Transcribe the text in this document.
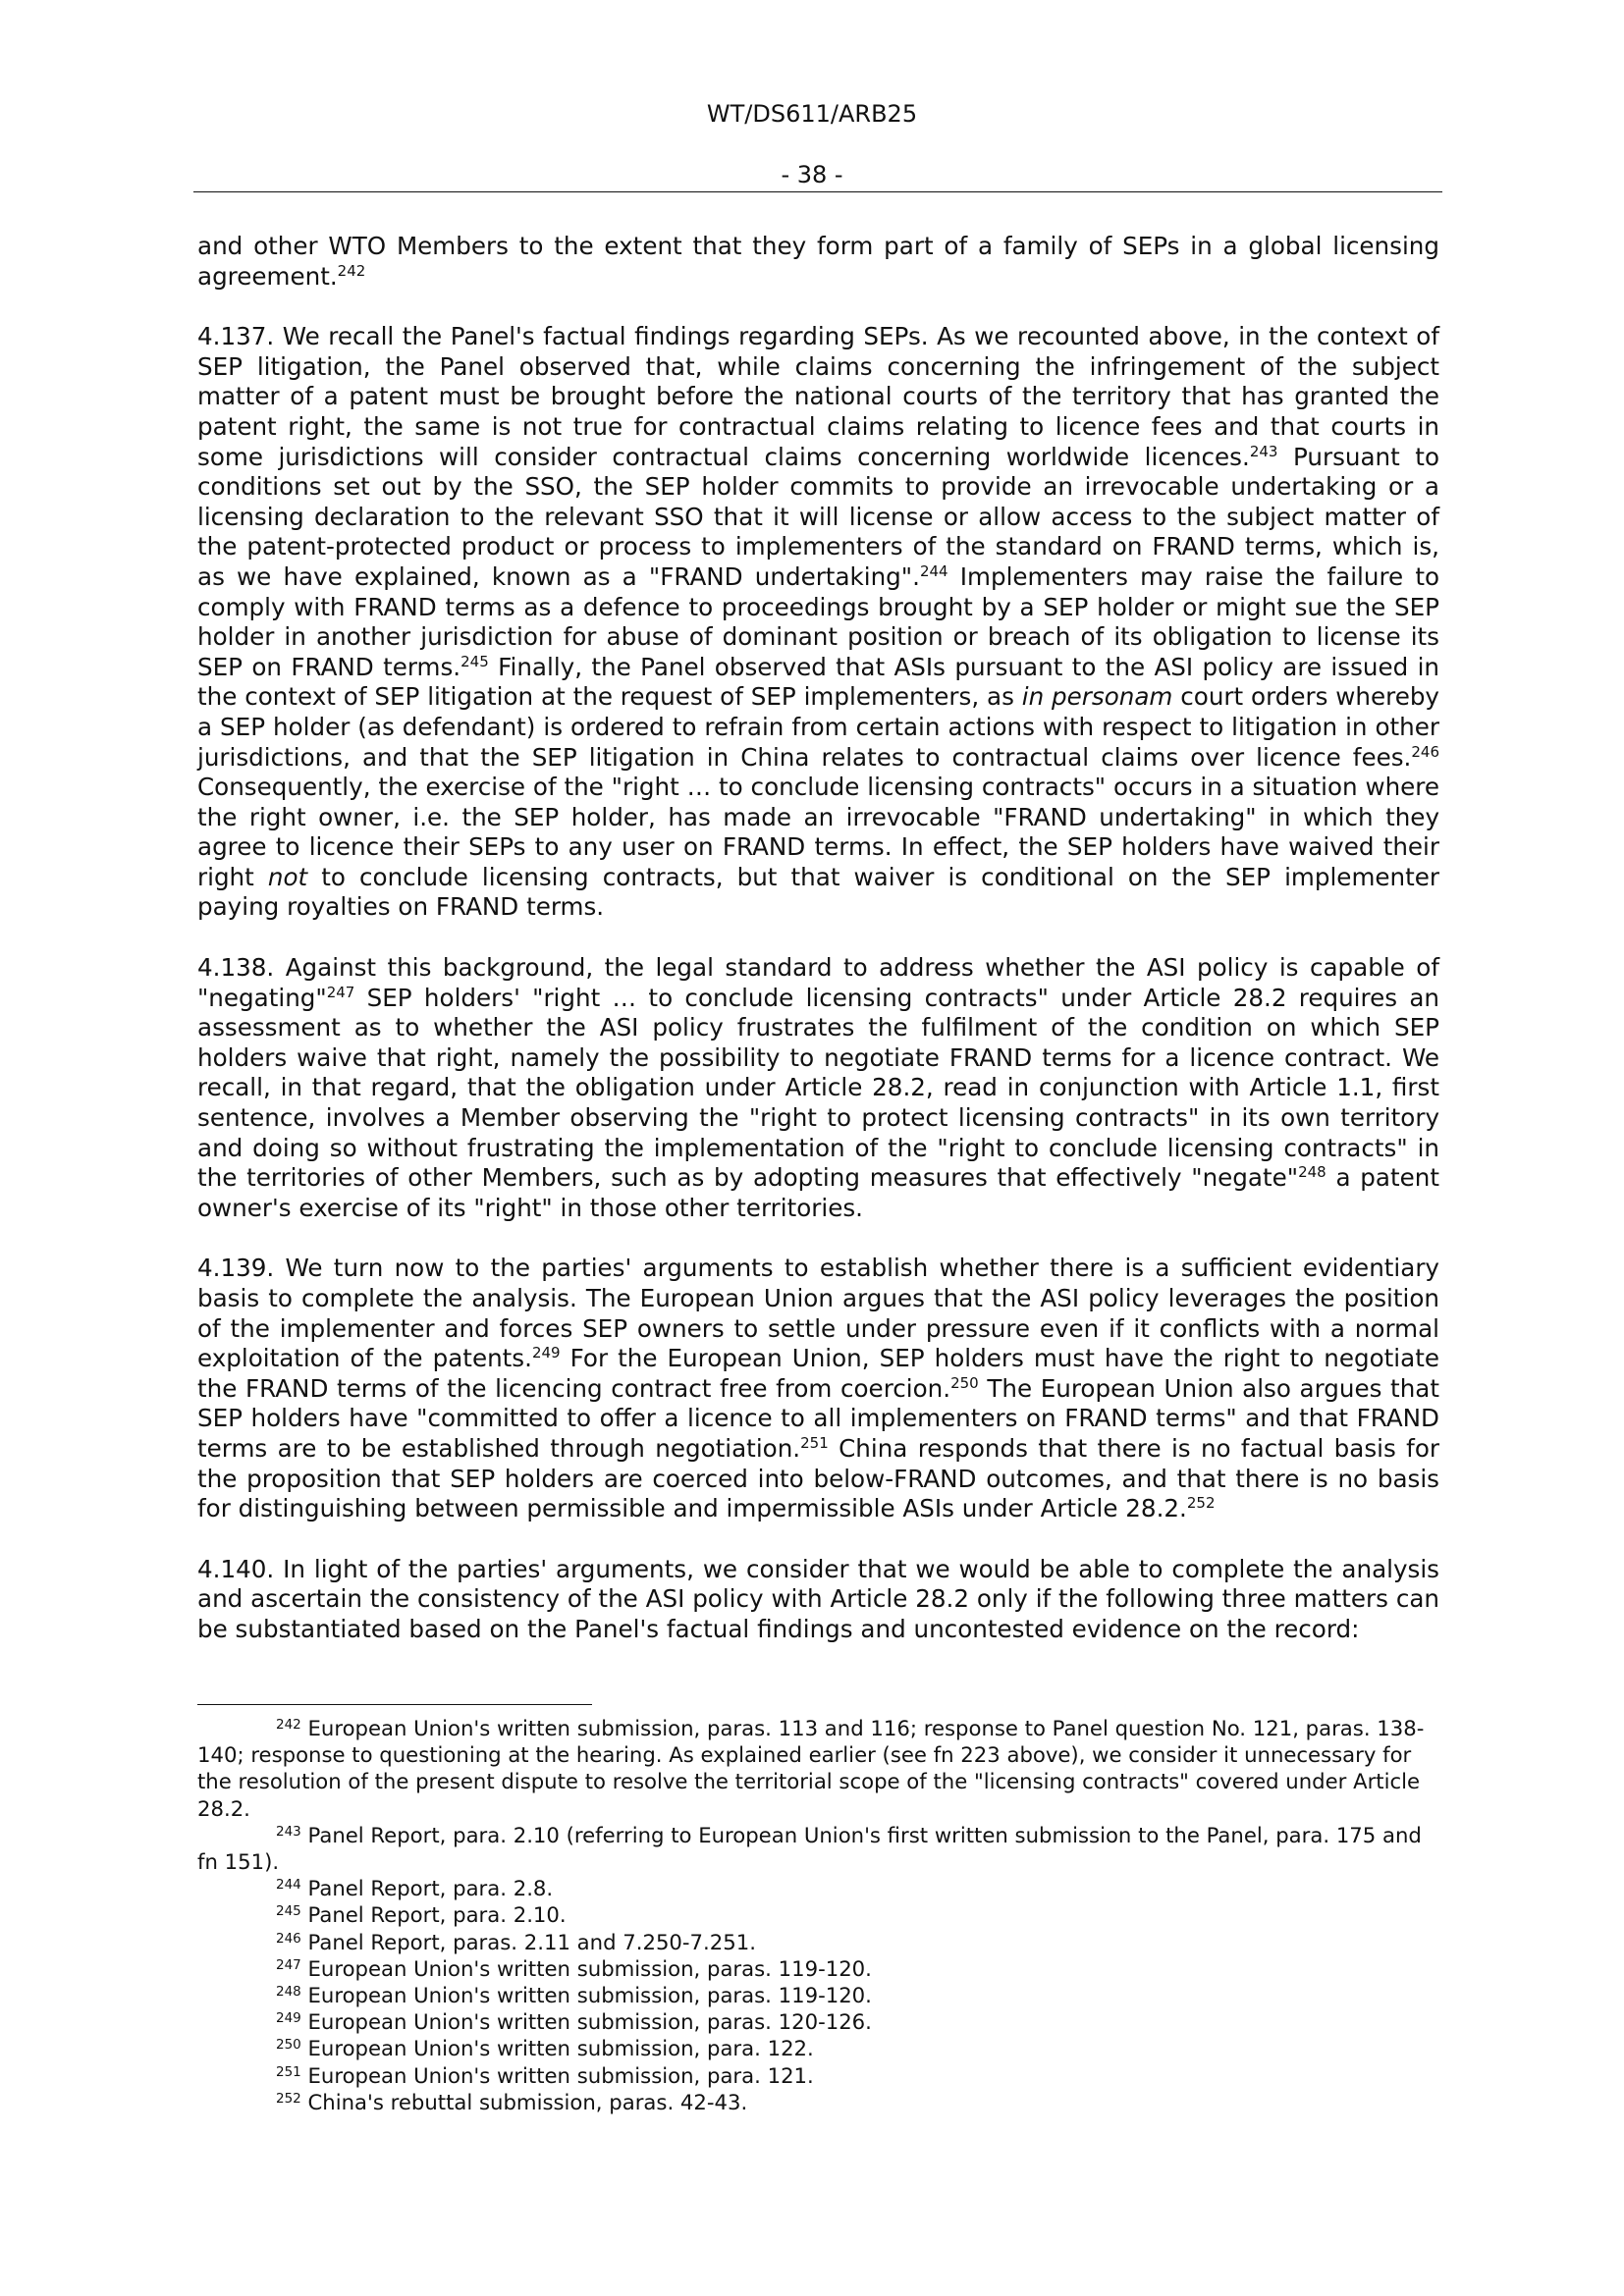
WT/DS611/ARB25
- 38 -

and other WTO Members to the extent that they form part of a family of SEPs in a global licensing agreement.$^{242}$

4.137. We recall the Panel's factual findings regarding SEPs. As we recounted above, in the context of SEP litigation, the Panel observed that, while claims concerning the infringement of the subject matter of a patent must be brought before the national courts of the territory that has granted the patent right, the same is not true for contractual claims relating to licence fees and that courts in some jurisdictions will consider contractual claims concerning worldwide licences.$^{243}$ Pursuant to conditions set out by the SSO, the SEP holder commits to provide an irrevocable undertaking or a licensing declaration to the relevant SSO that it will license or allow access to the subject matter of the patent-protected product or process to implementers of the standard on FRAND terms, which is, as we have explained, known as a "FRAND undertaking".$^{244}$ Implementers may raise the failure to comply with FRAND terms as a defence to proceedings brought by a SEP holder or might sue the SEP holder in another jurisdiction for abuse of dominant position or breach of its obligation to license its SEP on FRAND terms.$^{245}$ Finally, the Panel observed that ASIs pursuant to the ASI policy are issued in the context of SEP litigation at the request of SEP implementers, as in personam court orders whereby a SEP holder (as defendant) is ordered to refrain from certain actions with respect to litigation in other jurisdictions, and that the SEP litigation in China relates to contractual claims over licence fees.$^{246}$ Consequently, the exercise of the "right … to conclude licensing contracts" occurs in a situation where the right owner, i.e. the SEP holder, has made an irrevocable "FRAND undertaking" in which they agree to licence their SEPs to any user on FRAND terms. In effect, the SEP holders have waived their right not to conclude licensing contracts, but that waiver is conditional on the SEP implementer paying royalties on FRAND terms.

4.138. Against this background, the legal standard to address whether the ASI policy is capable of "negating"$^{247}$ SEP holders' "right … to conclude licensing contracts" under Article 28.2 requires an assessment as to whether the ASI policy frustrates the fulfilment of the condition on which SEP holders waive that right, namely the possibility to negotiate FRAND terms for a licence contract. We recall, in that regard, that the obligation under Article 28.2, read in conjunction with Article 1.1, first sentence, involves a Member observing the "right to protect licensing contracts" in its own territory and doing so without frustrating the implementation of the "right to conclude licensing contracts" in the territories of other Members, such as by adopting measures that effectively "negate"$^{248}$ a patent owner's exercise of its "right" in those other territories.

4.139. We turn now to the parties' arguments to establish whether there is a sufficient evidentiary basis to complete the analysis. The European Union argues that the ASI policy leverages the position of the implementer and forces SEP owners to settle under pressure even if it conflicts with a normal exploitation of the patents.$^{249}$ For the European Union, SEP holders must have the right to negotiate the FRAND terms of the licencing contract free from coercion.$^{250}$ The European Union also argues that SEP holders have "committed to offer a licence to all implementers on FRAND terms" and that FRAND terms are to be established through negotiation.$^{251}$ China responds that there is no factual basis for the proposition that SEP holders are coerced into below-FRAND outcomes, and that there is no basis for distinguishing between permissible and impermissible ASIs under Article 28.2.$^{252}$

4.140. In light of the parties' arguments, we consider that we would be able to complete the analysis and ascertain the consistency of the ASI policy with Article 28.2 only if the following three matters can be substantiated based on the Panel's factual findings and uncontested evidence on the record:

$^{242}$ European Union's written submission, paras. 113 and 116; response to Panel question No. 121, paras. 138-140; response to questioning at the hearing. As explained earlier (see fn 223 above), we consider it unnecessary for the resolution of the present dispute to resolve the territorial scope of the "licensing contracts" covered under Article 28.2.

$^{243}$ Panel Report, para. 2.10 (referring to European Union's first written submission to the Panel, para. 175 and fn 151).

$^{244}$ Panel Report, para. 2.8.

$^{245}$ Panel Report, para. 2.10.

$^{246}$ Panel Report, paras. 2.11 and 7.250-7.251.

$^{247}$ European Union's written submission, paras. 119-120.

$^{248}$ European Union's written submission, paras. 119-120.

$^{249}$ European Union's written submission, paras. 120-126.

$^{250}$ European Union's written submission, para. 122.

$^{251}$ European Union's written submission, para. 121.

$^{252}$ China's rebuttal submission, paras. 42-43.
